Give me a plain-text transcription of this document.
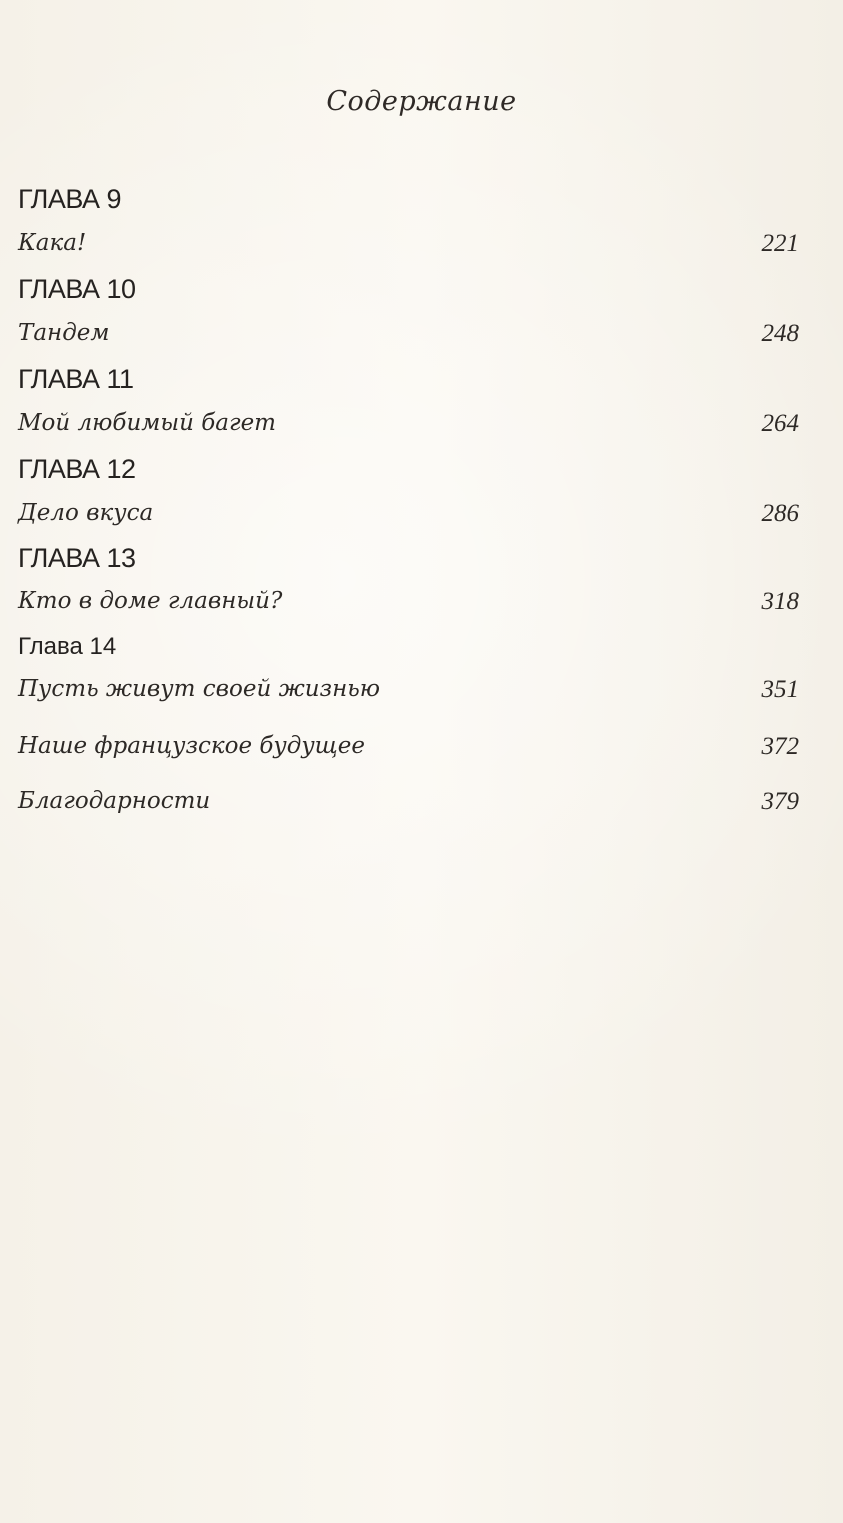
Содержание
ГЛАВА 9
Кака!	221
ГЛАВА 10
Тандем	248
ГЛАВА 11
Мой любимый багет	264
ГЛАВА 12
Дело вкуса	286
ГЛАВА 13
Кто в доме главный?	318
Глава 14
Пусть живут своей жизнью	351
Наше французское будущее	372
Благодарности	379
